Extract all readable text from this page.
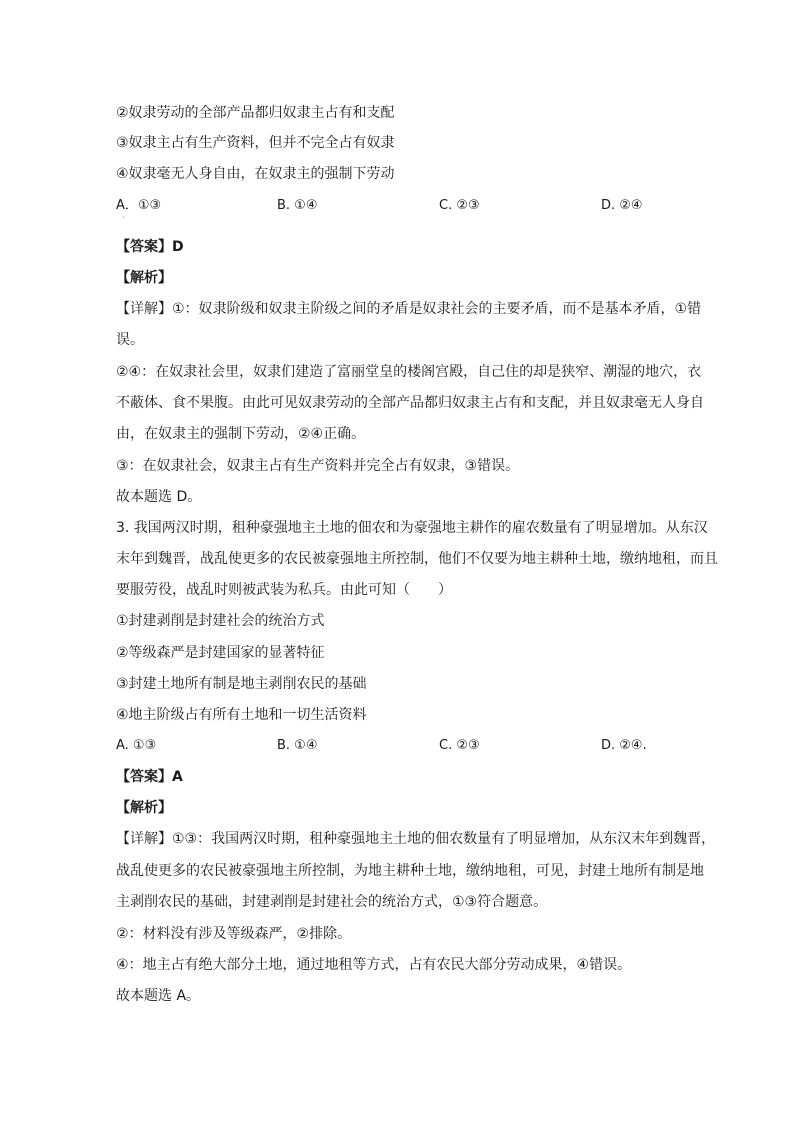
②奴隶劳动的全部产品都归奴隶主占有和支配
③奴隶主占有生产资料，但并不完全占有奴隶
④奴隶毫无人身自由，在奴隶主的强制下劳动
A．①③	B. ①④	C. ②③	D. ②④
·
【答案】D
【解析】
【详解】①：奴隶阶级和奴隶主阶级之间的矛盾是奴隶社会的主要矛盾，而不是基本矛盾，①错
误。
②④：在奴隶社会里，奴隶们建造了富丽堂皇的楼阁宫殿，自己住的却是狭窄、潮湿的地穴，衣
不蔽体、食不果腹。由此可见奴隶劳动的全部产品都归奴隶主占有和支配，并且奴隶毫无人身自
由，在奴隶主的强制下劳动，②④正确。
③：在奴隶社会，奴隶主占有生产资料并完全占有奴隶，③错误。
故本题选 D。
3. 我国两汉时期，租种豪强地主土地的佃农和为豪强地主耕作的雇农数量有了明显增加。从东汉
末年到魏晋，战乱使更多的农民被豪强地主所控制，他们不仅要为地主耕种土地，缴纳地租，而且
要服劳役，战乱时则被武装为私兵。由此可知（　　）
①封建剥削是封建社会的统治方式
②等级森严是封建国家的显著特征
③封建土地所有制是地主剥削农民的基础
④地主阶级占有所有土地和一切生活资料
A. ①③	B. ①④	C. ②③	D. ②④.
【答案】A
【解析】
【详解】①③：我国两汉时期，租种豪强地主土地的佃农数量有了明显增加，从东汉末年到魏晋，
战乱使更多的农民被豪强地主所控制，为地主耕种土地，缴纳地租，可见，封建土地所有制是地
主剥削农民的基础，封建剥削是封建社会的统治方式，①③符合题意。
②：材料没有涉及等级森严，②排除。
④：地主占有绝大部分土地，通过地租等方式，占有农民大部分劳动成果，④错误。
故本题选 A。
